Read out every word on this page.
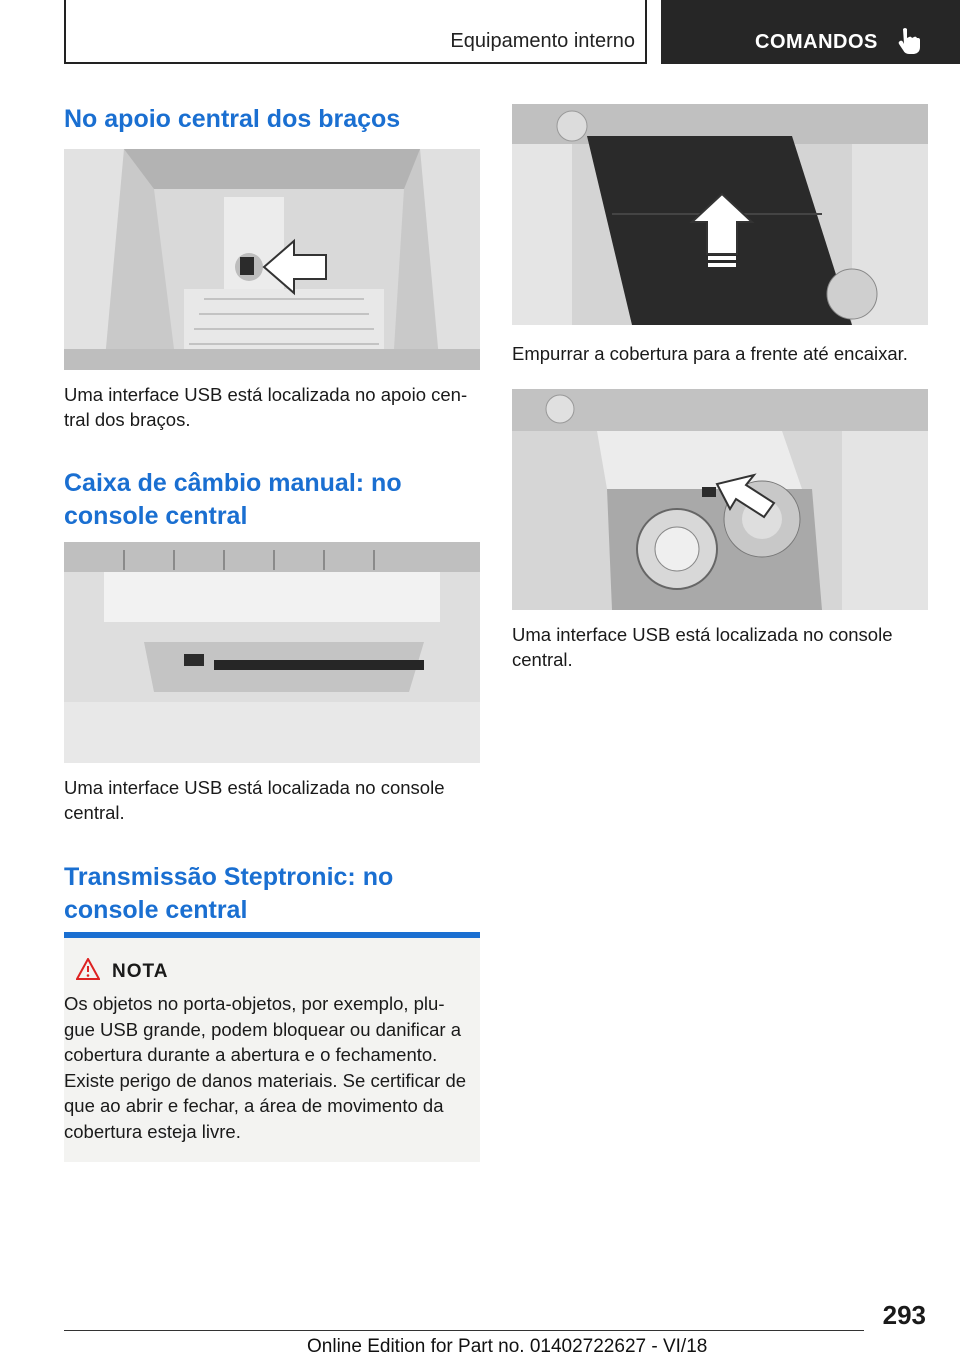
Equipamento interno	COMANDOS
No apoio central dos braços

Uma interface USB está localizada no apoio cen‐ tral dos braços.

Caixa de câmbio manual: no console central

Uma interface USB está localizada no console central.

Transmissão Steptronic: no console central
NOTA

Os objetos no porta-objetos, por exemplo, plu‐ gue USB grande, podem bloquear ou danificar a cobertura durante a abertura e o fechamento. Existe perigo de danos materiais. Se certificar de que ao abrir e fechar, a área de movimento da cobertura esteja livre.

Empurrar a cobertura para a frente até encaixar.

Uma interface USB está localizada no console central.

293
Online Edition for Part no. 01402722627 - VI/18
